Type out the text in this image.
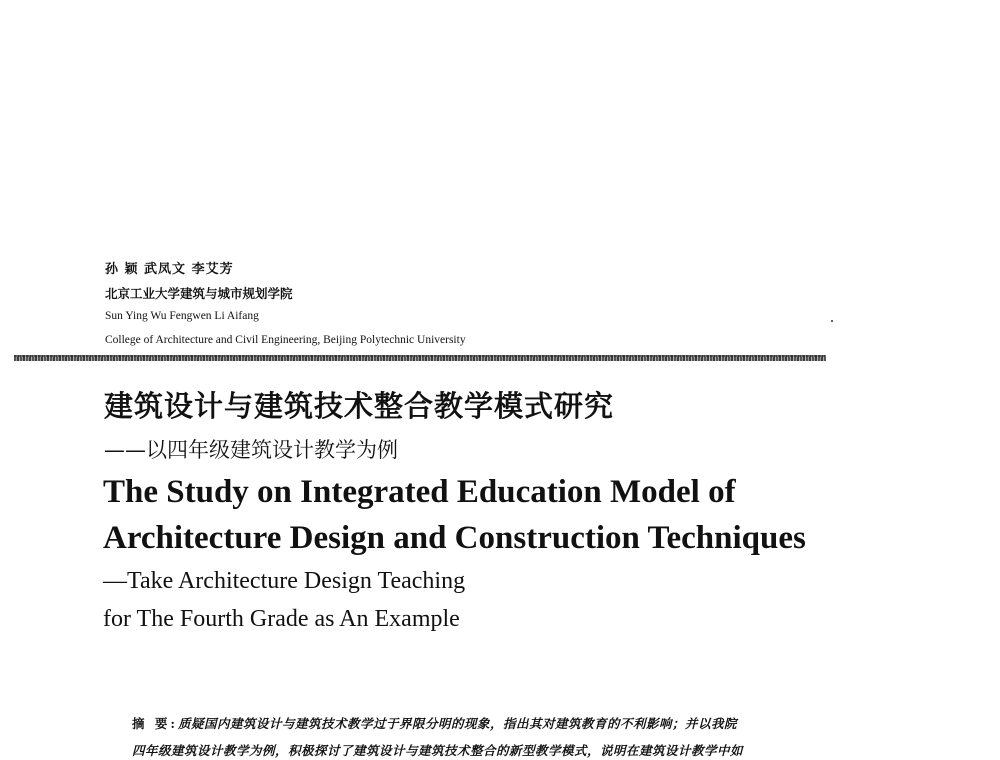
孙 颖 武凤文 李艾芳
北京工业大学建筑与城市规划学院
Sun Ying Wu Fengwen Li Aifang
College of Architecture and Civil Engineering, Beijing Polytechnic University
建筑设计与建筑技术整合教学模式研究
——以四年级建筑设计教学为例
The Study on Integrated Education Model of
Architecture Design and Construction Techniques
—Take Architecture Design Teaching
for The Fourth Grade as An Example
摘 要:质疑国内建筑设计与建筑技术教学过于界限分明的现象，指出其对建筑教育的不利影响；并以我院
四年级建筑设计教学为例，积极探讨了建筑设计与建筑技术整合的新型教学模式，说明在建筑设计教学中如
